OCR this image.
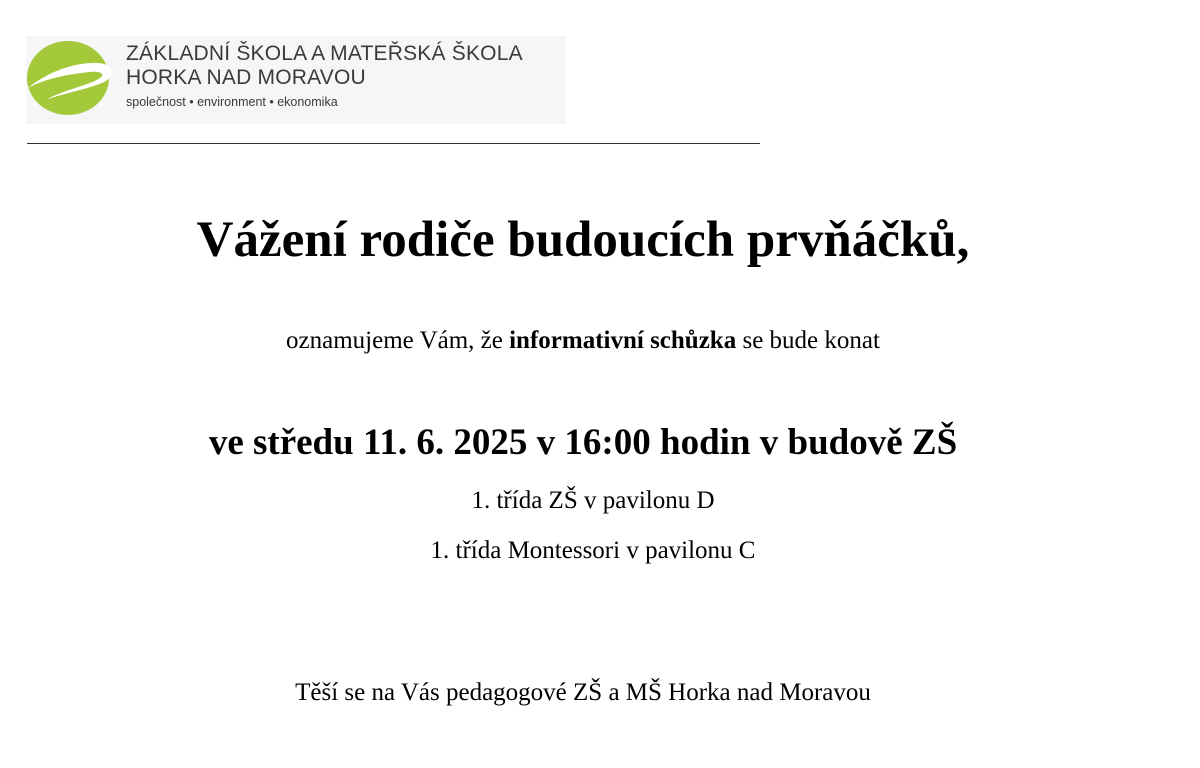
ZÁKLADNÍ ŠKOLA A MATEŘSKÁ ŠKOLA
HORKA NAD MORAVOU
společnost • environment • ekonomika
Vážení rodiče budoucích prvňáčků,
oznamujeme Vám, že informativní schůzka se bude konat
ve středu 11. 6. 2025 v 16:00 hodin v budově ZŠ
1. třída ZŠ v pavilonu D
1. třída Montessori v pavilonu C
Těší se na Vás pedagogové ZŠ a MŠ Horka nad Moravou
